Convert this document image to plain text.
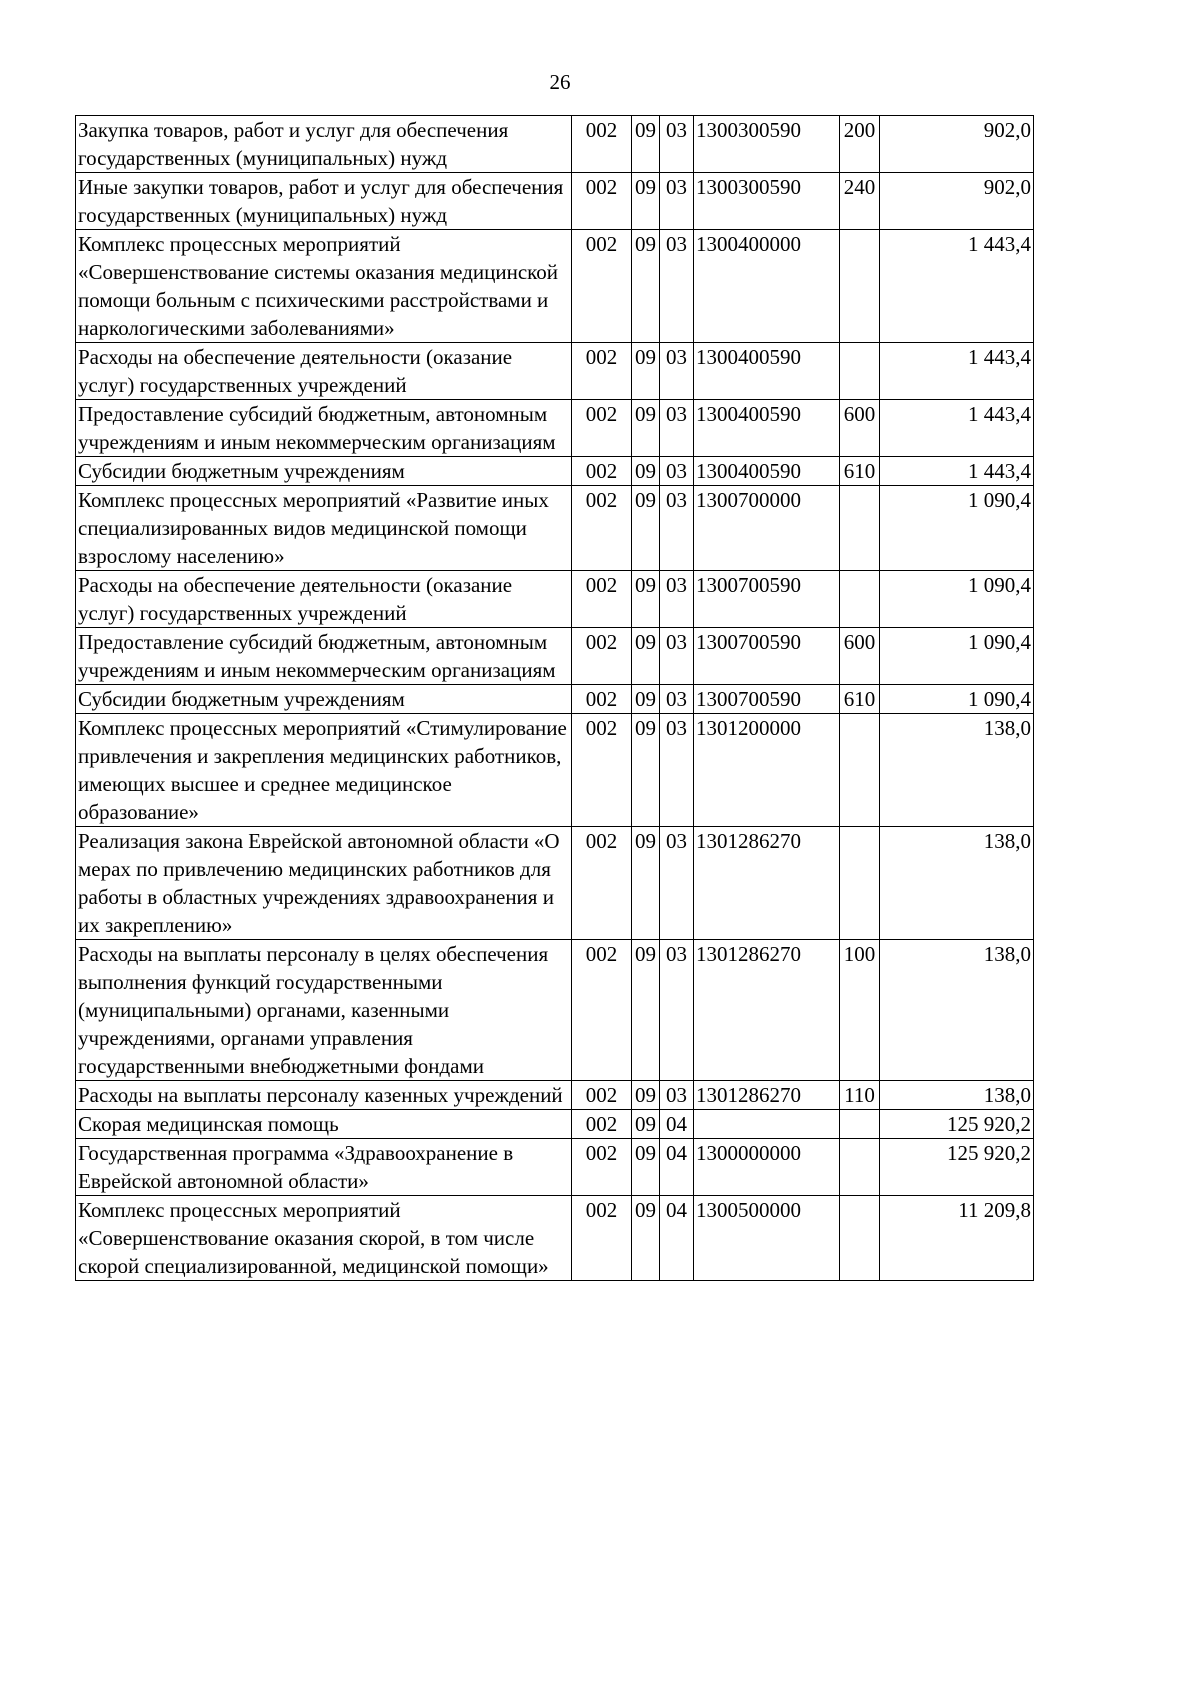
26
Закупка товаров, работ и услуг для обеспечения государственных (муниципальных) нужд	002	09	03	1300300590	200	902,0
Иные закупки товаров, работ и услуг для обеспечения государственных (муниципальных) нужд	002	09	03	1300300590	240	902,0
Комплекс процессных мероприятий «Совершенствование системы оказания медицинской помощи больным с психическими расстройствами и наркологическими заболеваниями»	002	09	03	1300400000		1 443,4
Расходы на обеспечение деятельности (оказание услуг) государственных учреждений	002	09	03	1300400590		1 443,4
Предоставление субсидий бюджетным, автономным учреждениям и иным некоммерческим организациям	002	09	03	1300400590	600	1 443,4
Субсидии бюджетным учреждениям	002	09	03	1300400590	610	1 443,4
Комплекс процессных мероприятий «Развитие иных специализированных видов медицинской помощи взрослому населению»	002	09	03	1300700000		1 090,4
Расходы на обеспечение деятельности (оказание услуг) государственных учреждений	002	09	03	1300700590		1 090,4
Предоставление субсидий бюджетным, автономным учреждениям и иным некоммерческим организациям	002	09	03	1300700590	600	1 090,4
Субсидии бюджетным учреждениям	002	09	03	1300700590	610	1 090,4
Комплекс процессных мероприятий «Стимулирование привлечения и закрепления медицинских работников, имеющих высшее и среднее медицинское образование»	002	09	03	1301200000		138,0
Реализация закона Еврейской автономной области «О мерах по привлечению медицинских работников для работы в областных учреждениях здравоохранения и их закреплению»	002	09	03	1301286270		138,0
Расходы на выплаты персоналу в целях обеспечения выполнения функций государственными (муниципальными) органами, казенными учреждениями, органами управления государственными внебюджетными фондами	002	09	03	1301286270	100	138,0
Расходы на выплаты персоналу казенных учреждений	002	09	03	1301286270	110	138,0
Скорая медицинская помощь	002	09	04			125 920,2
Государственная программа «Здравоохранение в Еврейской автономной области»	002	09	04	1300000000		125 920,2
Комплекс процессных мероприятий «Совершенствование оказания скорой, в том числе скорой специализированной, медицинской помощи»	002	09	04	1300500000		11 209,8
